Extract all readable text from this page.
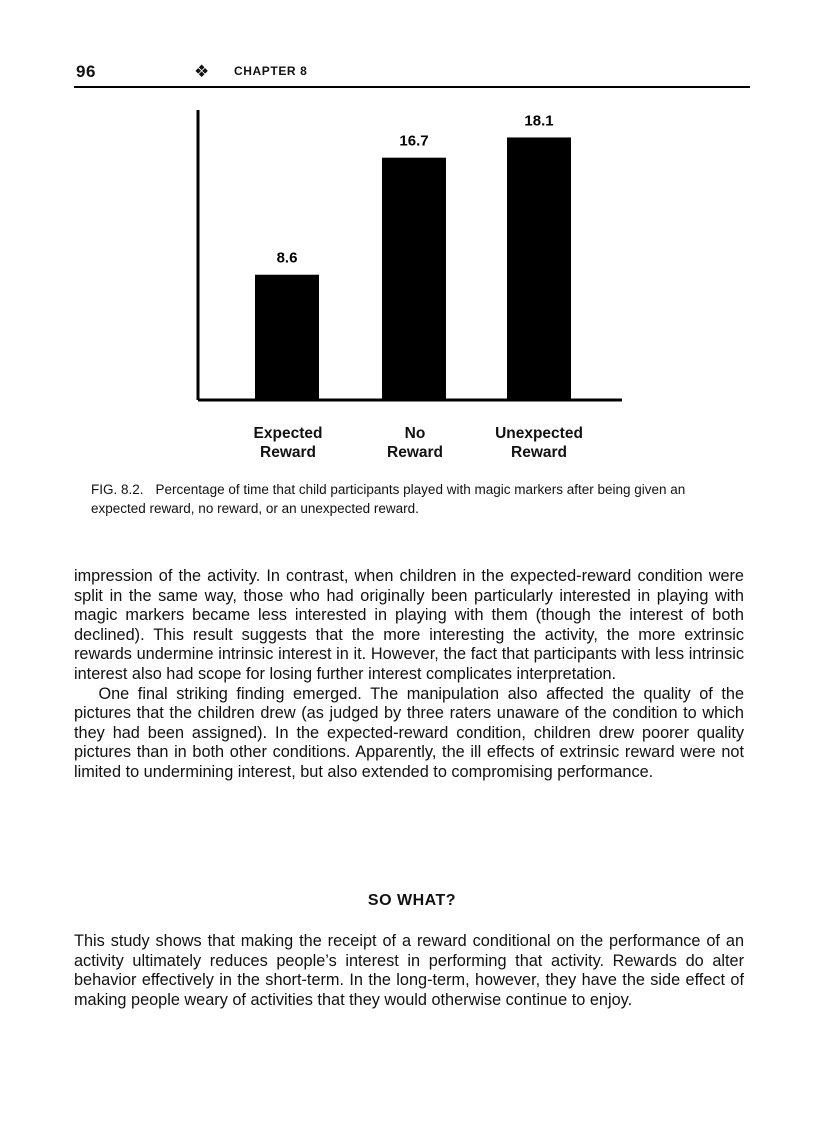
96	❖ CHAPTER 8
8.6
16.7
18.1
Expected
Reward
No
Reward
Unexpected
Reward
FIG. 8.2. Percentage of time that child participants played with magic markers after being given an expected reward, no reward, or an unexpected reward.

impression of the activity. In contrast, when children in the expected-reward condition were split in the same way, those who had originally been particularly interested in playing with magic markers became less interested in playing with them (though the interest of both declined). This result suggests that the more interesting the activity, the more extrinsic rewards undermine intrinsic interest in it. However, the fact that participants with less intrinsic interest also had scope for losing further interest complicates interpretation.

One final striking finding emerged. The manipulation also affected the quality of the pictures that the children drew (as judged by three raters unaware of the condition to which they had been assigned). In the expected-reward condition, children drew poorer quality pictures than in both other conditions. Apparently, the ill effects of extrinsic reward were not limited to undermining interest, but also extended to compromising performance.

SO WHAT?

This study shows that making the receipt of a reward conditional on the performance of an activity ultimately reduces people’s interest in performing that activity. Rewards do alter behavior effectively in the short-term. In the long-term, however, they have the side effect of making people weary of activities that they would otherwise continue to enjoy.
